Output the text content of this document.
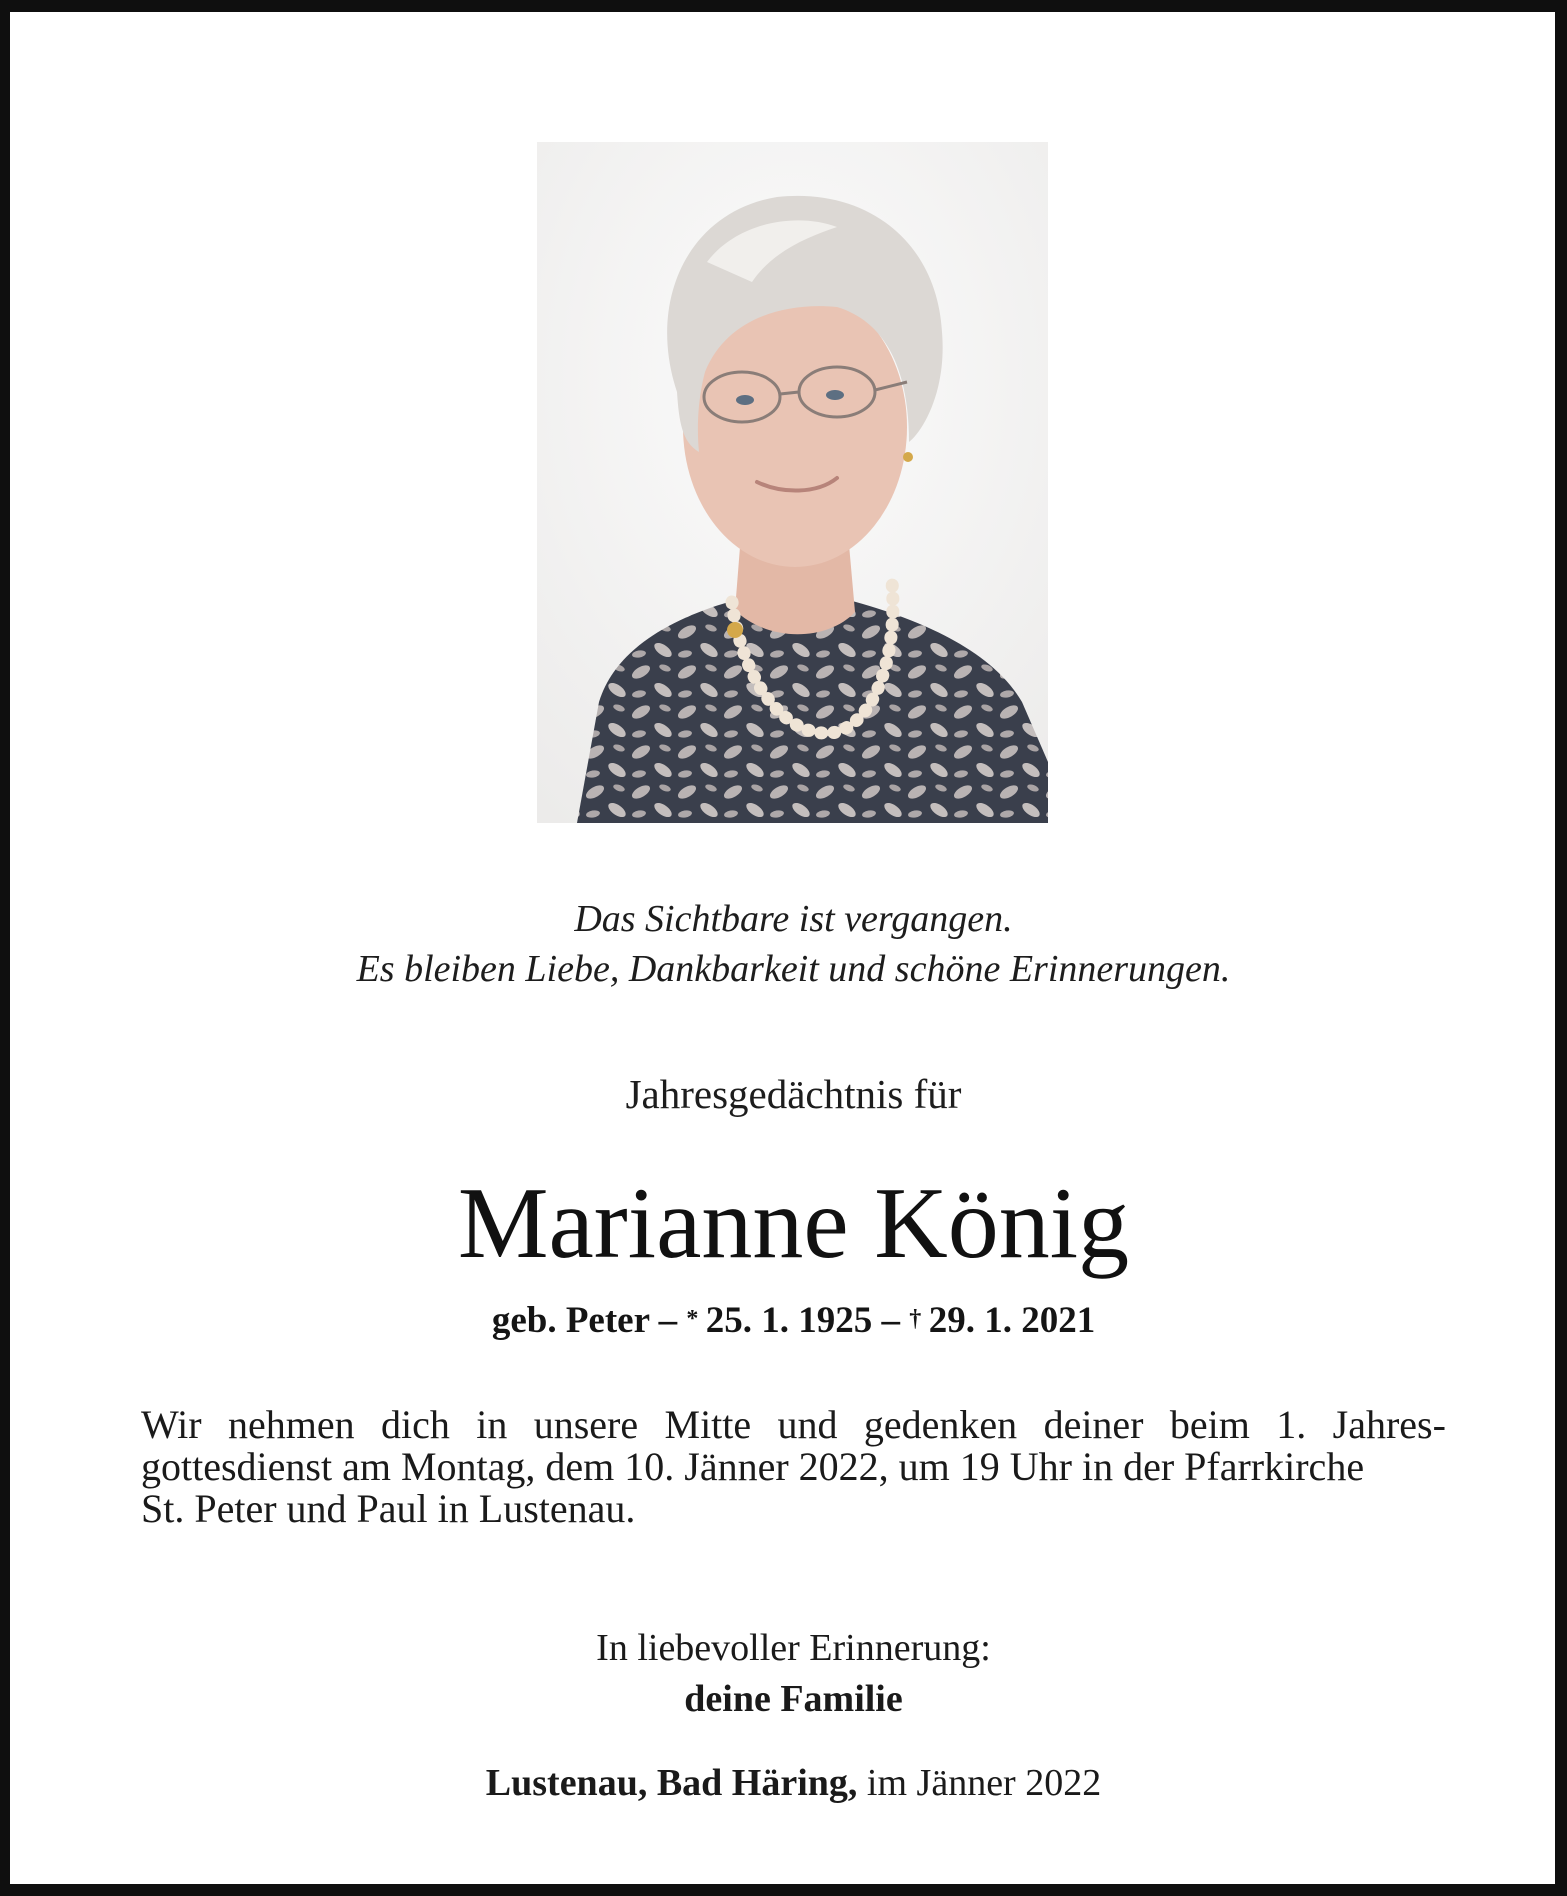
Das Sichtbare ist vergangen.
Es bleiben Liebe, Dankbarkeit und schöne Erinnerungen.
Jahresgedächtnis für
Marianne König
geb. Peter – *  25. 1. 1925 – †  29. 1. 2021
Wir nehmen dich in unsere Mitte und gedenken deiner beim 1. Jahres-
gottesdienst am Montag, dem 10. Jänner 2022, um 19 Uhr in der Pfarrkirche
St. Peter und Paul in Lustenau.
In liebevoller Erinnerung:
deine Familie
Lustenau, Bad Häring, im Jänner 2022
